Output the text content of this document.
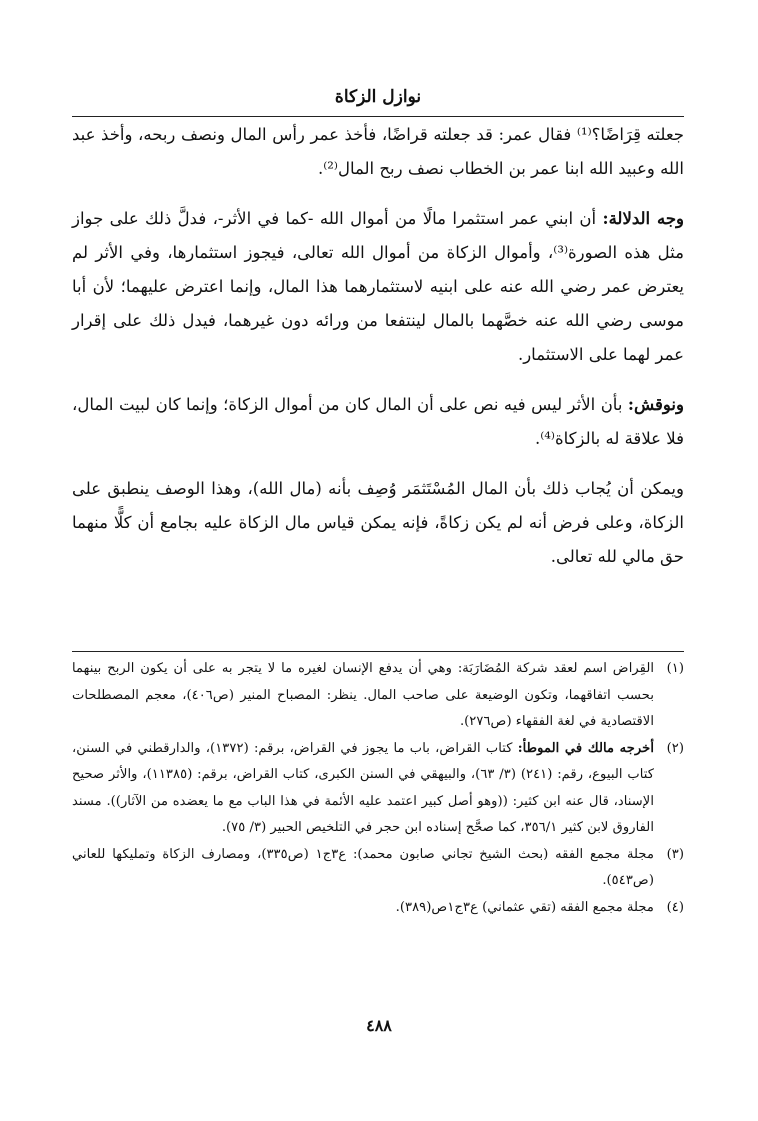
نوازل الزكاة

جعلته قِرَاضًا؟⁽¹⁾ فقال عمر: قد جعلته قراضًا، فأخذ عمر رأس المال ونصف ربحه، وأخذ عبد الله وعبيد الله ابنا عمر بن الخطاب نصف ربح المال⁽²⁾.

وجه الدلالة: أن ابني عمر استثمرا مالًا من أموال الله -كما في الأثر-، فدلَّ ذلك على جواز مثل هذه الصورة⁽³⁾، وأموال الزكاة من أموال الله تعالى، فيجوز استثمارها، وفي الأثر لم يعترض عمر رضي الله عنه على ابنيه لاستثمارهما هذا المال، وإنما اعترض عليهما؛ لأن أبا موسى رضي الله عنه خصَّهما بالمال لينتفعا من ورائه دون غيرهما، فيدل ذلك على إقرار عمر لهما على الاستثمار.

ونوقش: بأن الأثر ليس فيه نص على أن المال كان من أموال الزكاة؛ وإنما كان لبيت المال، فلا علاقة له بالزكاة⁽⁴⁾.

ويمكن أن يُجاب ذلك بأن المال المُسْتَثمَر وُصِف بأنه (مال الله)، وهذا الوصف ينطبق على الزكاة، وعلى فرض أنه لم يكن زكاةً، فإنه يمكن قياس مال الزكاة عليه بجامع أن كلًّا منهما حق مالي لله تعالى.

(١)
القِراض اسم لعقد شركة المُضَارَبَة: وهي أن يدفع الإنسان لغيره ما لا يتجر به على أن يكون الربح بينهما بحسب اتفاقهما، وتكون الوضيعة على صاحب المال. ينظر: المصباح المنير (ص٤٠٦)، معجم المصطلحات الاقتصادية في لغة الفقهاء (ص٢٧٦).
(٢)
أخرجه مالك في الموطأ: كتاب القراض، باب ما يجوز في القراض، برقم: (١٣٧٢)، والدارقطني في السنن، كتاب البيوع، رقم: (٢٤١) (٣/ ٦٣)، والبيهقي في السنن الكبرى، كتاب القراض، برقم: (١١٣٨٥)، والأثر صحيح الإسناد، قال عنه ابن كثير: ((وهو أصل كبير اعتمد عليه الأئمة في هذا الباب مع ما يعضده من الآثار)). مسند الفاروق لابن كثير ٣٥٦/١، كما صحَّح إسناده ابن حجر في التلخيص الحبير (٣/ ٧٥).
(٣)
مجلة مجمع الفقه (بحث الشيخ تجاني صابون محمد): ع٣ج١ (ص٣٣٥)، ومصارف الزكاة وتمليكها للعاني (ص٥٤٣).
(٤)
مجلة مجمع الفقه (تقي عثماني) ع٣ج١ص(٣٨٩).
٤٨٨
